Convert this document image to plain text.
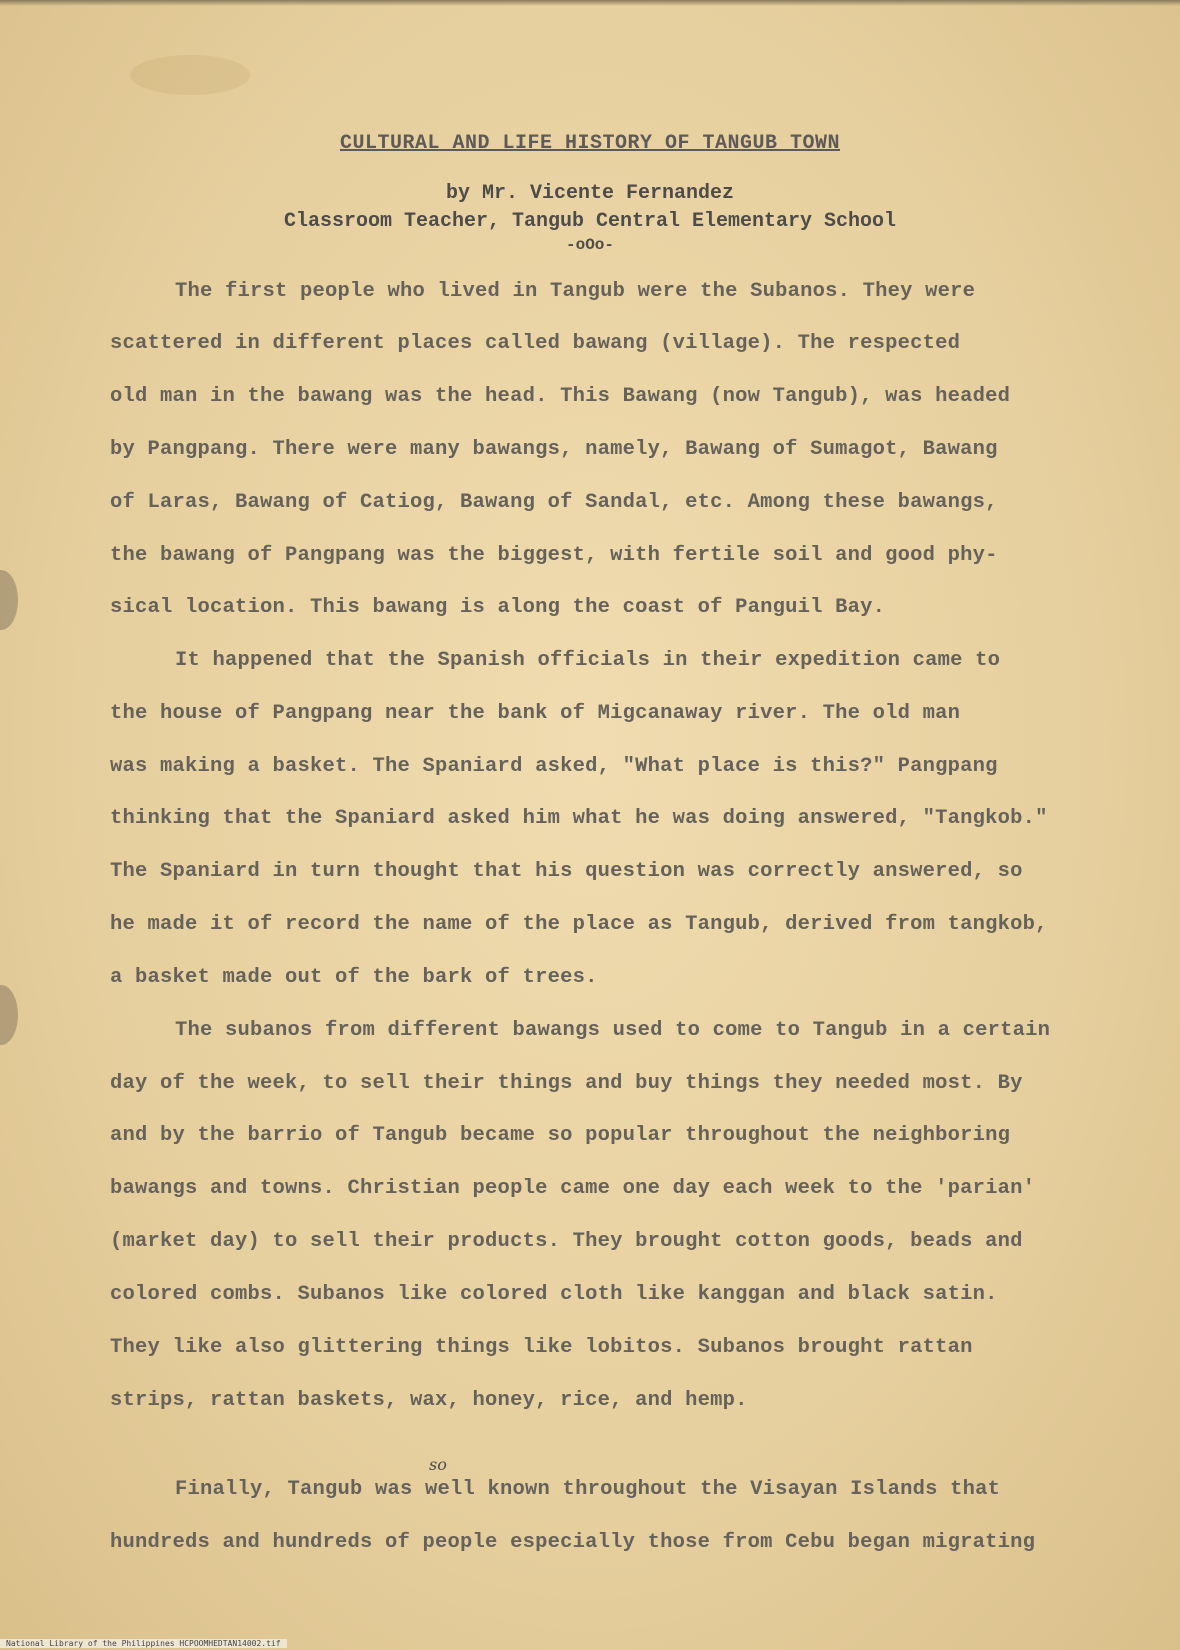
CULTURAL AND LIFE HISTORY OF TANGUB TOWN
by Mr. Vicente Fernandez
Classroom Teacher, Tangub Central Elementary School
-oOo-
The first people who lived in Tangub were the Subanos. They were
scattered in different places called bawang (village). The respected
old man in the bawang was the head. This Bawang (now Tangub), was headed
by Pangpang. There were many bawangs, namely, Bawang of Sumagot, Bawang
of Laras, Bawang of Catiog, Bawang of Sandal, etc. Among these bawangs,
the bawang of Pangpang was the biggest, with fertile soil and good phy-
sical location. This bawang is along the coast of Panguil Bay.
It happened that the Spanish officials in their expedition came to
the house of Pangpang near the bank of Migcanaway river. The old man
was making a basket. The Spaniard asked, "What place is this?" Pangpang
thinking that the Spaniard asked him what he was doing answered, "Tangkob."
The Spaniard in turn thought that his question was correctly answered, so
he made it of record the name of the place as Tangub, derived from tangkob,
a basket made out of the bark of trees.
The subanos from different bawangs used to come to Tangub in a certain
day of the week, to sell their things and buy things they needed most. By
and by the barrio of Tangub became so popular throughout the neighboring
bawangs and towns. Christian people came one day each week to the 'parian'
(market day) to sell their products. They brought cotton goods, beads and
colored combs. Subanos like colored cloth like kanggan and black satin.
They like also glittering things like lobitos. Subanos brought rattan
strips, rattan baskets, wax, honey, rice, and hemp.
so
Finally, Tangub was well known throughout the Visayan Islands that
hundreds and hundreds of people especially those from Cebu began migrating
National Library of the Philippines HCPOOMHEDTAN14002.tif
